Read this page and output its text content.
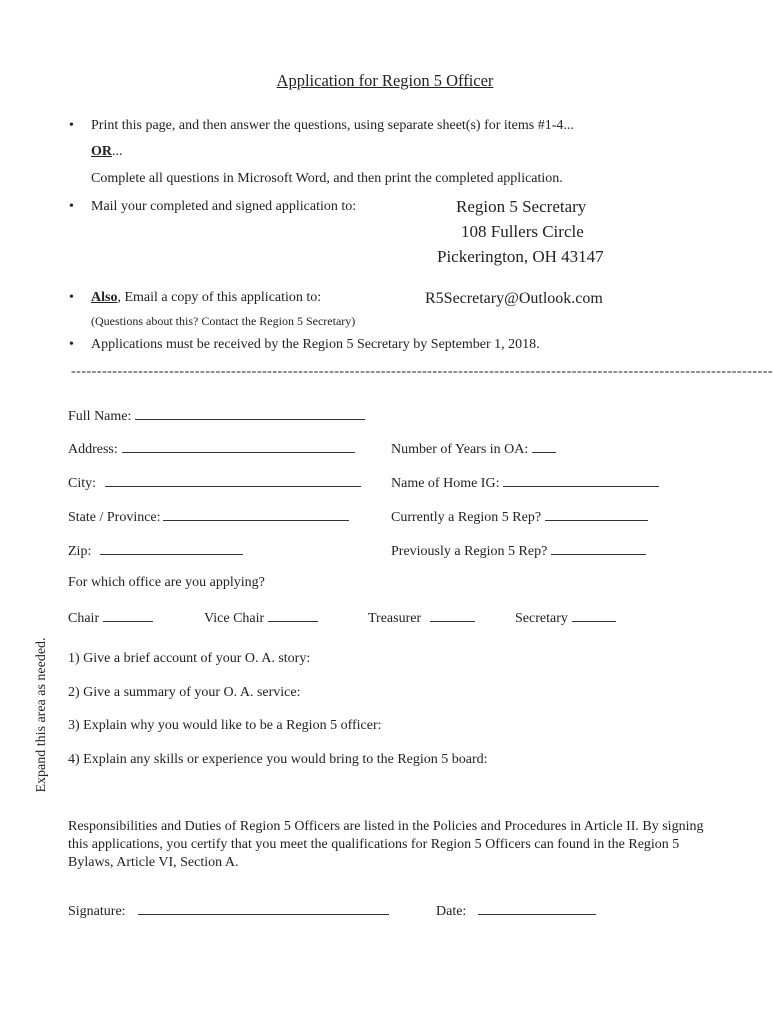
Application for Region 5 Officer
• Print this page, and then answer the questions, using separate sheet(s) for items #1-4...
OR...
Complete all questions in Microsoft Word, and then print the completed application.
• Mail your completed and signed application to:	Region 5 Secretary
108 Fullers Circle
Pickerington, OH 43147
• Also, Email a copy of this application to:	R5Secretary@Outlook.com
(Questions about this? Contact the Region 5 Secretary)
• Applications must be received by the Region 5 Secretary by September 1, 2018.
----------------------------------------------------------------------------------------------------------------------------------------
Full Name:
Address:	Number of Years in OA:
City:	Name of Home IG:
State / Province:	Currently a Region 5 Rep?
Zip:	Previously a Region 5 Rep?
For which office are you applying?
Chair	Vice Chair	Treasurer	Secretary
Expand this area as needed. 1) Give a brief account of your O. A. story:
2) Give a summary of your O. A. service:
3) Explain why you would like to be a Region 5 officer:
4) Explain any skills or experience you would bring to the Region 5 board:
Responsibilities and Duties of Region 5 Officers are listed in the Policies and Procedures in Article II. By signing this applications, you certify that you meet the qualifications for Region 5 Officers can found in the Region 5 Bylaws, Article VI, Section A.
Signature:	Date:
